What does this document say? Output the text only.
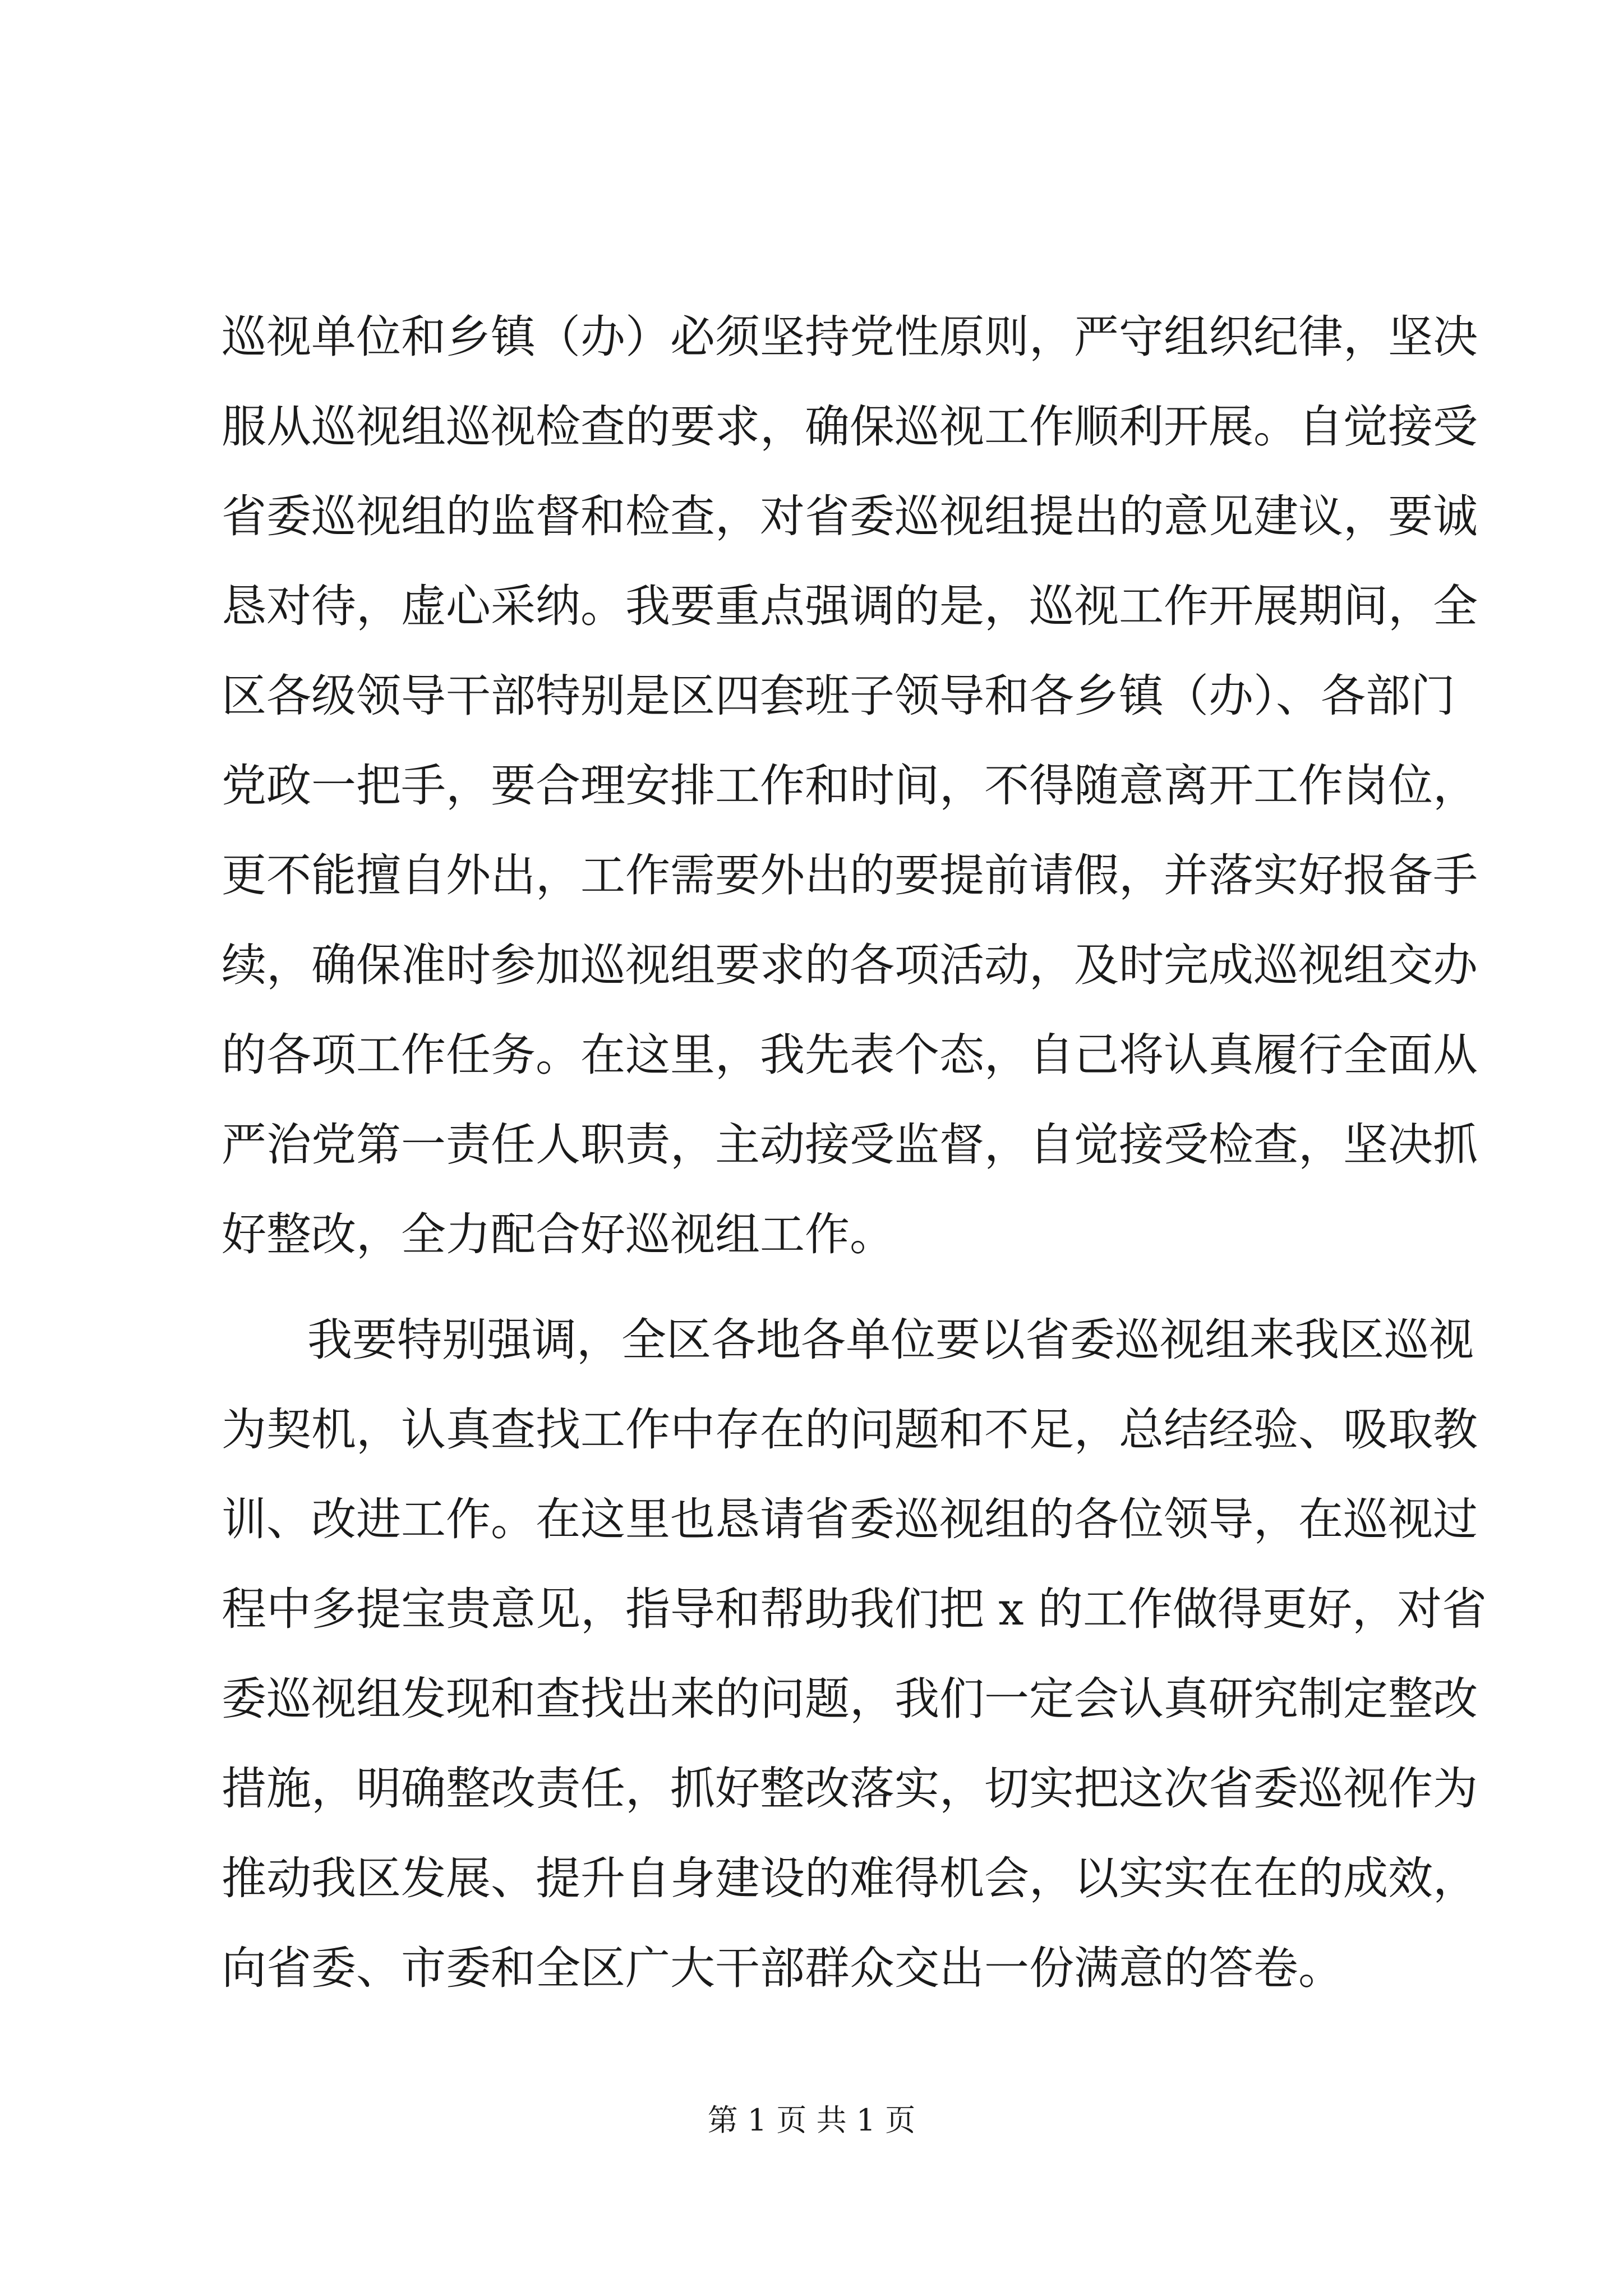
巡视单位和乡镇（办）必须坚持党性原则，严守组织纪律，坚决
服从巡视组巡视检查的要求，确保巡视工作顺利开展。自觉接受
省委巡视组的监督和检查，对省委巡视组提出的意见建议，要诚
恳对待，虚心采纳。我要重点强调的是，巡视工作开展期间，全
区各级领导干部特别是区四套班子领导和各乡镇（办）、各部门
党政一把手，要合理安排工作和时间，不得随意离开工作岗位，
更不能擅自外出，工作需要外出的要提前请假，并落实好报备手
续，确保准时参加巡视组要求的各项活动，及时完成巡视组交办
的各项工作任务。在这里，我先表个态，自己将认真履行全面从
严治党第一责任人职责，主动接受监督，自觉接受检查，坚决抓
好整改，全力配合好巡视组工作。
我要特别强调，全区各地各单位要以省委巡视组来我区巡视
为契机，认真查找工作中存在的问题和不足，总结经验、吸取教
训、改进工作。在这里也恳请省委巡视组的各位领导，在巡视过
程中多提宝贵意见，指导和帮助我们把 x 的工作做得更好，对省
委巡视组发现和查找出来的问题，我们一定会认真研究制定整改
措施，明确整改责任，抓好整改落实，切实把这次省委巡视作为
推动我区发展、提升自身建设的难得机会，以实实在在的成效，
向省委、市委和全区广大干部群众交出一份满意的答卷。
第 1 页 共 1 页
